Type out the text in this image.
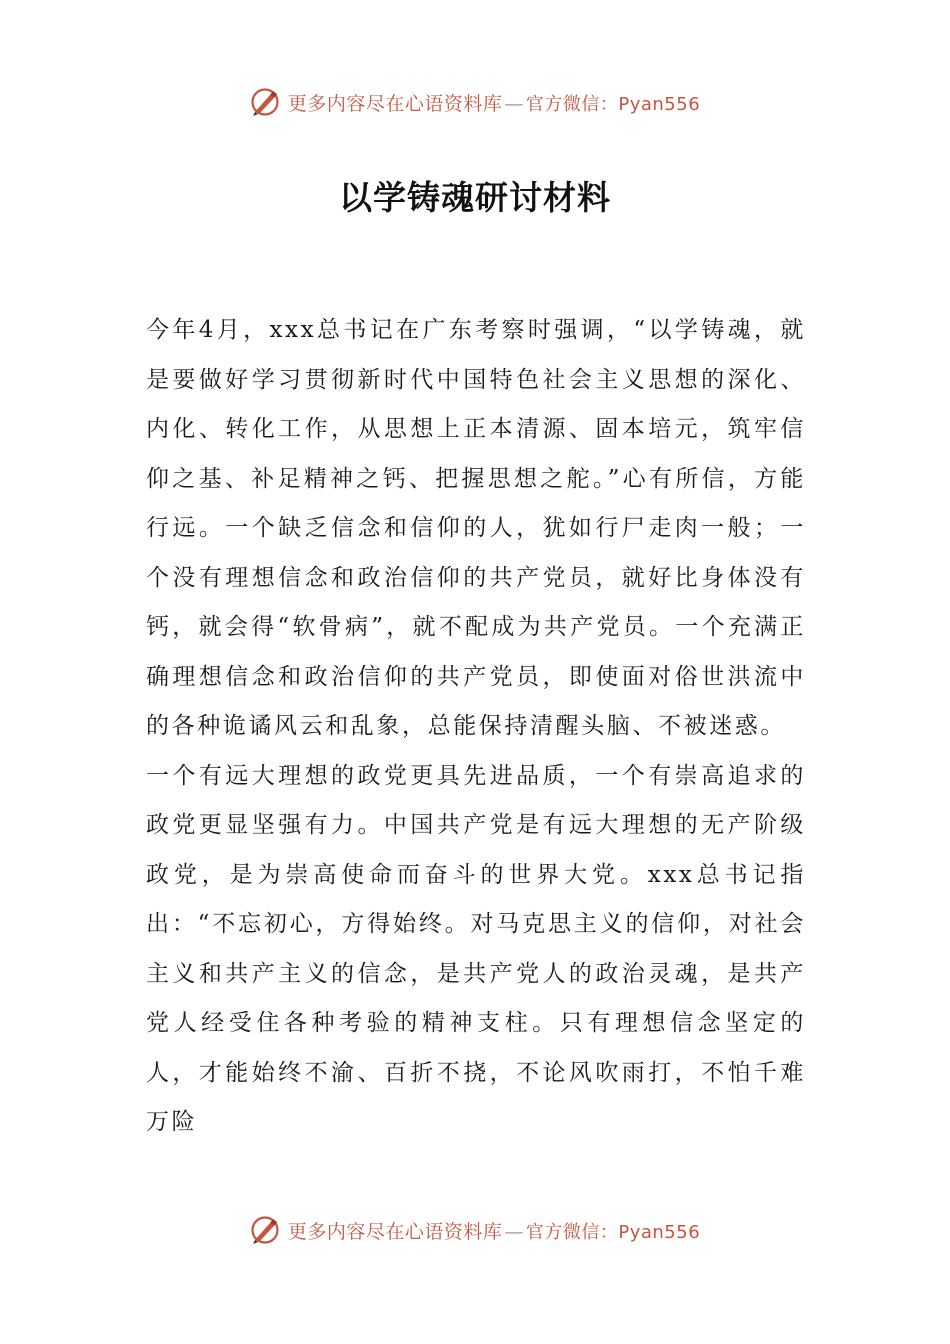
更多内容尽在心语资料库 — 官方微信：Pyan556
以学铸魂研讨材料

今年4月，xxx总书记在广东考察时强调，“以学铸魂，就是要做好学习贯彻新时代中国特色社会主义思想的深化、内化、转化工作，从思想上正本清源、固本培元，筑牢信仰之基、补足精神之钙、把握思想之舵。”心有所信，方能行远。一个缺乏信念和信仰的人，犹如行尸走肉一般；一个没有理想信念和政治信仰的共产党员，就好比身体没有钙，就会得“软骨病”，就不配成为共产党员。一个充满正确理想信念和政治信仰的共产党员，即使面对俗世洪流中的各种诡谲风云和乱象，总能保持清醒头脑、不被迷惑。

一个有远大理想的政党更具先进品质，一个有崇高追求的政党更显坚强有力。中国共产党是有远大理想的无产阶级政党，是为崇高使命而奋斗的世界大党。xxx总书记指出：“不忘初心，方得始终。对马克思主义的信仰，对社会主义和共产主义的信念，是共产党人的政治灵魂，是共产党人经受住各种考验的精神支柱。只有理想信念坚定的人，才能始终不渝、百折不挠，不论风吹雨打，不怕千难万险

更多内容尽在心语资料库 — 官方微信：Pyan556
